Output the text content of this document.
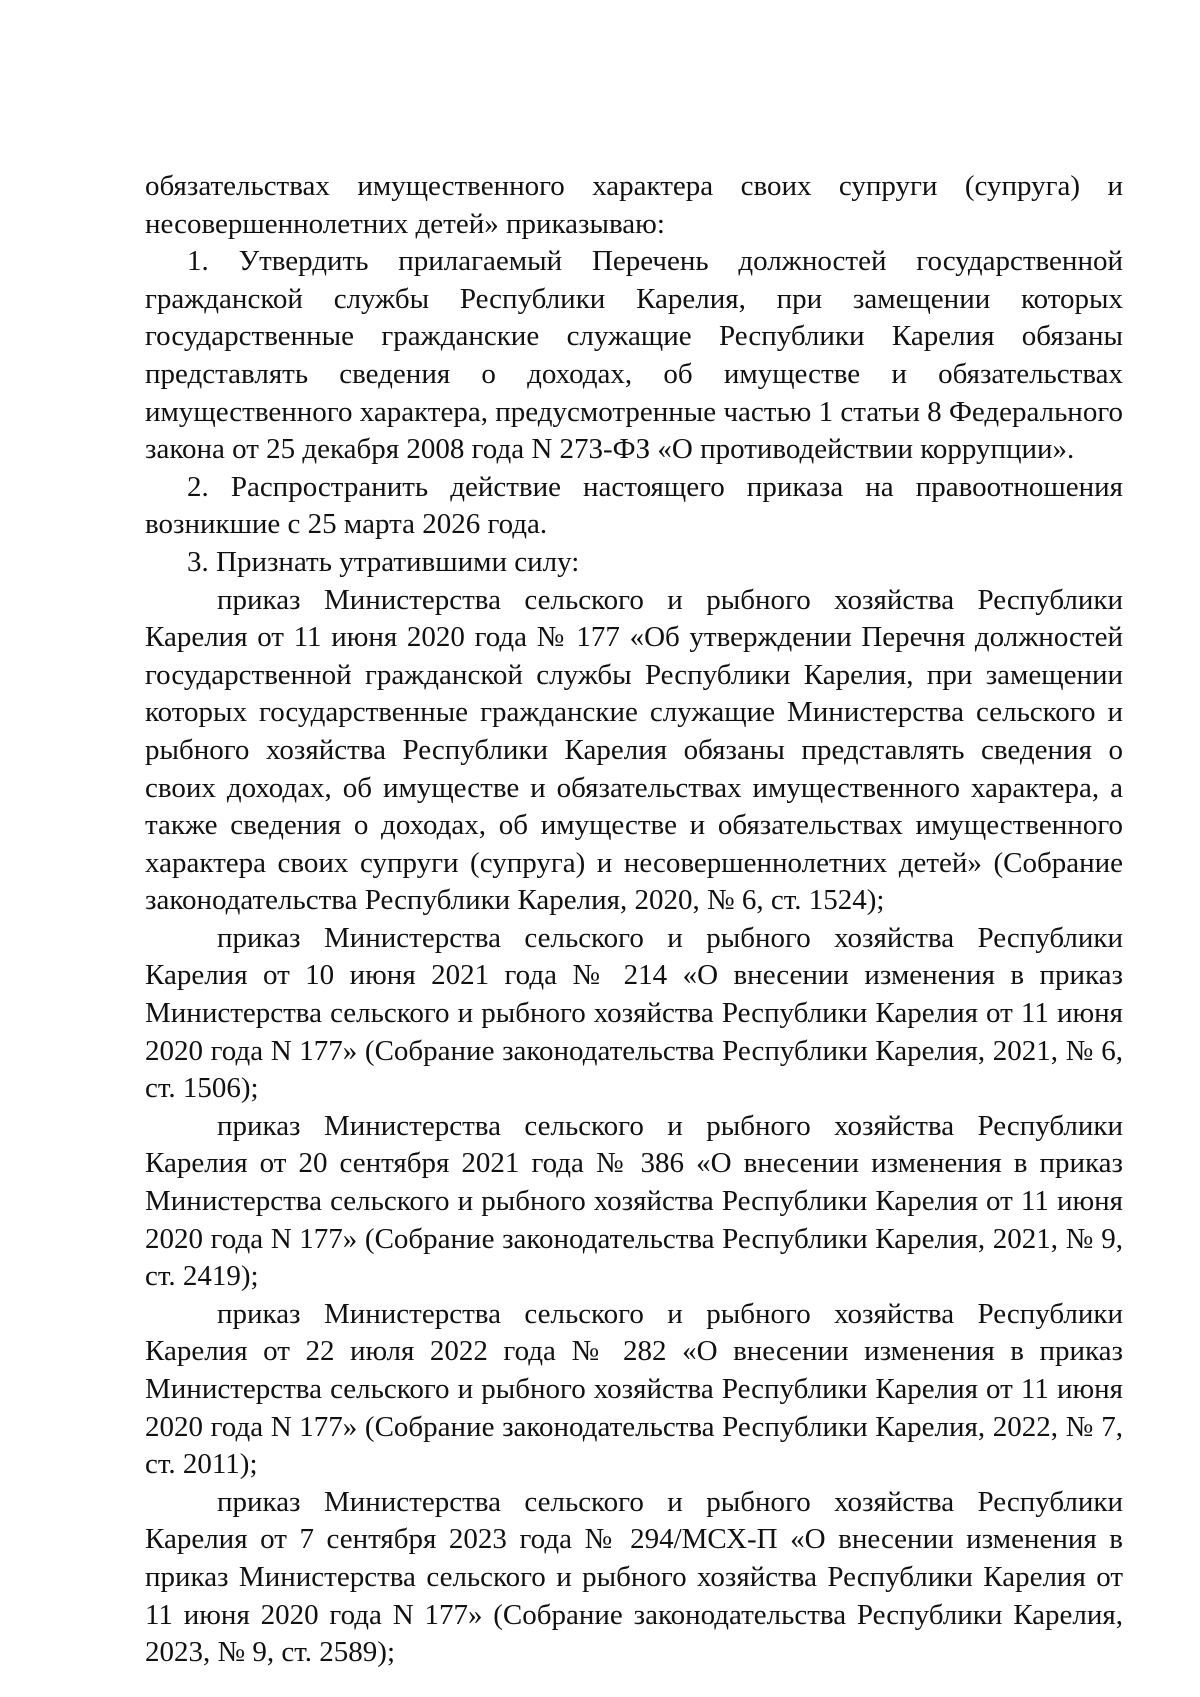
обязательствах имущественного характера своих супруги (супруга) и несовершеннолетних детей» приказываю:

1. Утвердить прилагаемый Перечень должностей государственной гражданской службы Республики Карелия, при замещении которых государственные гражданские служащие Республики Карелия обязаны представлять сведения о доходах, об имуществе и обязательствах имущественного характера, предусмотренные частью 1 статьи 8 Федерального закона от 25 декабря 2008 года N 273-ФЗ «О противодействии коррупции».

2. Распространить действие настоящего приказа на правоотношения возникшие с 25 марта 2026 года.

3. Признать утратившими силу:

приказ Министерства сельского и рыбного хозяйства Республики Карелия от 11 июня 2020 года № 177 «Об утверждении Перечня должностей государственной гражданской службы Республики Карелия, при замещении которых государственные гражданские служащие Министерства сельского и рыбного хозяйства Республики Карелия обязаны представлять сведения о своих доходах, об имуществе и обязательствах имущественного характера, а также сведения о доходах, об имуществе и обязательствах имущественного характера своих супруги (супруга) и несовершеннолетних детей» (Собрание законодательства Республики Карелия, 2020, № 6, ст. 1524);

приказ Министерства сельского и рыбного хозяйства Республики Карелия от 10 июня 2021 года № 214 «О внесении изменения в приказ Министерства сельского и рыбного хозяйства Республики Карелия от 11 июня 2020 года N 177» (Собрание законодательства Республики Карелия, 2021, № 6, ст. 1506);

приказ Министерства сельского и рыбного хозяйства Республики Карелия от 20 сентября 2021 года № 386 «О внесении изменения в приказ Министерства сельского и рыбного хозяйства Республики Карелия от 11 июня 2020 года N 177» (Собрание законодательства Республики Карелия, 2021, № 9, ст. 2419);

приказ Министерства сельского и рыбного хозяйства Республики Карелия от 22 июля 2022 года № 282 «О внесении изменения в приказ Министерства сельского и рыбного хозяйства Республики Карелия от 11 июня 2020 года N 177» (Собрание законодательства Республики Карелия, 2022, № 7, ст. 2011);

приказ Министерства сельского и рыбного хозяйства Республики Карелия от 7 сентября 2023 года № 294/МСХ-П «О внесении изменения в приказ Министерства сельского и рыбного хозяйства Республики Карелия от 11 июня 2020 года N 177» (Собрание законодательства Республики Карелия, 2023, № 9, ст. 2589);
